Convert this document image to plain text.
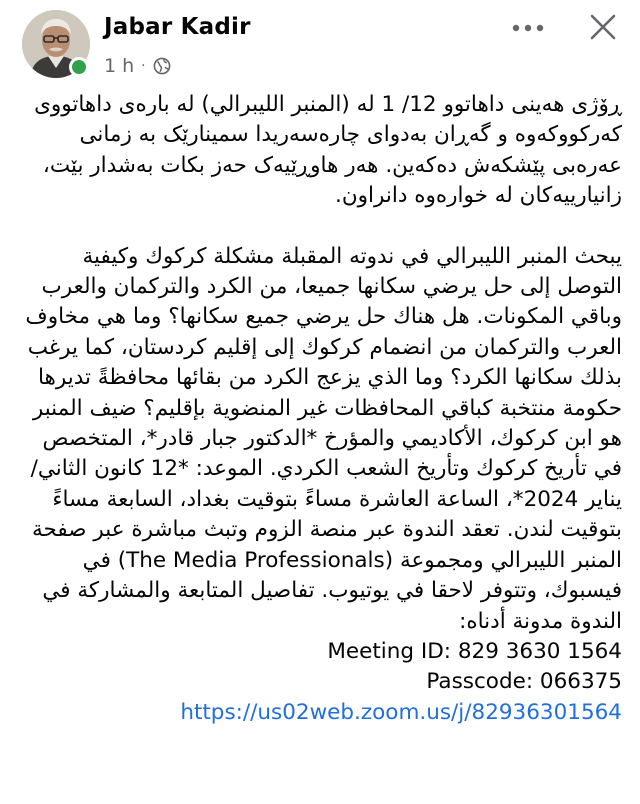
Jabar Kadir
1 h ·
ڕۆژی هەینی داهاتوو 12/ 1 لە (المنبر الليبرالي) لە بارەی داهاتووی کەرکووکەوە و گەڕان بەدوای چارەسەریدا سمینارێک بە زمانی عەرەبی پێشکەش دەکەین. هەر هاوڕێیەک حەز بکات بەشدار بێت، زانیارییەکان لە خوارەوە دانراون.
يبحث المنبر الليبرالي في ندوته المقبلة مشكلة كركوك وكيفية التوصل إلى حل يرضي سكانها جميعا، من الكرد والتركمان والعرب وباقي المكونات. هل هناك حل يرضي جميع سكانها؟ وما هي مخاوف العرب والتركمان من انضمام كركوك إلى إقليم كردستان، كما يرغب بذلك سكانها الكرد؟ وما الذي يزعج الكرد من بقائها محافظةً تديرها حكومة منتخبة كباقي المحافظات غير المنضوية بإقليم؟ ضيف المنبر هو ابن كركوك، الأكاديمي والمؤرخ *الدكتور جبار قادر*، المتخصص في تأريخ كركوك وتأريخ الشعب الكردي. الموعد: *12 كانون الثاني/يناير 2024*، الساعة العاشرة مساءً بتوقيت بغداد، السابعة مساءً بتوقيت لندن. تعقد الندوة عبر منصة الزوم وتبث مباشرة عبر صفحة المنبر الليبرالي ومجموعة (The Media Professionals) في فيسبوك، وتتوفر لاحقا في يوتيوب. تفاصيل المتابعة والمشاركة في الندوة مدونة أدناه:
Meeting ID: 829 3630 1564
Passcode: 066375
https://us02web.zoom.us/j/82936301564
